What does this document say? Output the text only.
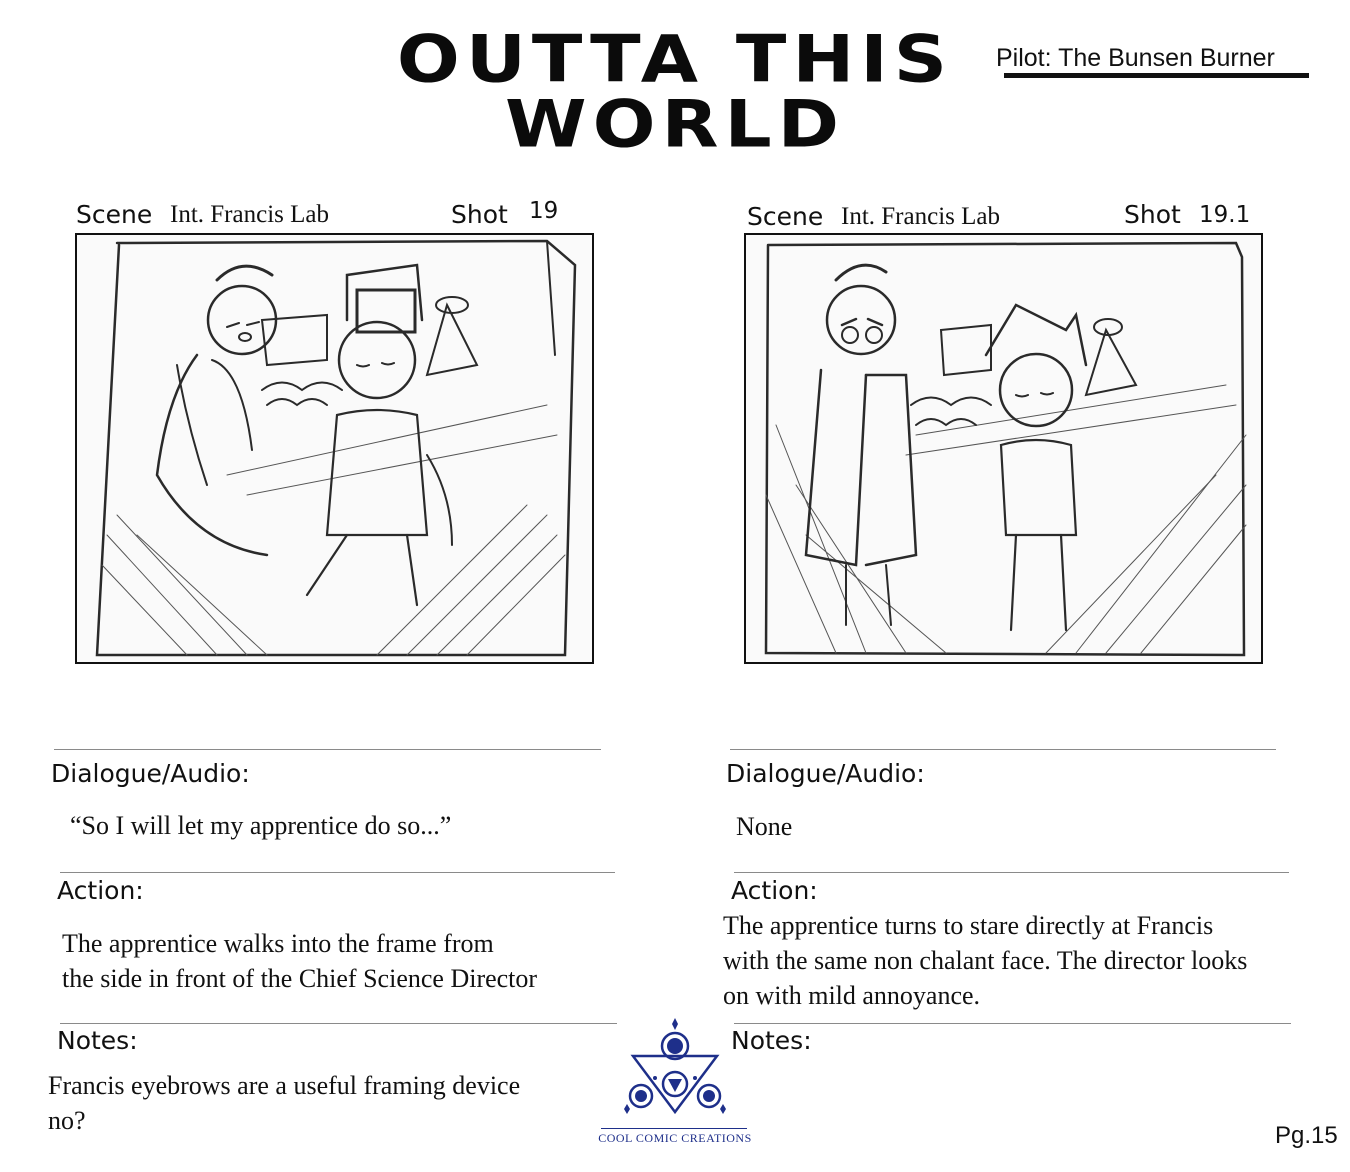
OUTTA THIS
WORLD
Pilot: The Bunsen Burner
Scene Int. Francis Lab	Shot 19	Scene Int. Francis Lab	Shot 19.1
Dialogue/Audio:
“So I will let my apprentice do so...”
Action:
The apprentice walks into the frame from
the side in front of the Chief Science Director
Notes:
Francis eyebrows are a useful framing device
no?
Dialogue/Audio:
None
Action:
The apprentice turns to stare directly at Francis
with the same non chalant face. The director looks
on with mild annoyance.
Notes:
COOL COMIC CREATIONS	Pg.15
